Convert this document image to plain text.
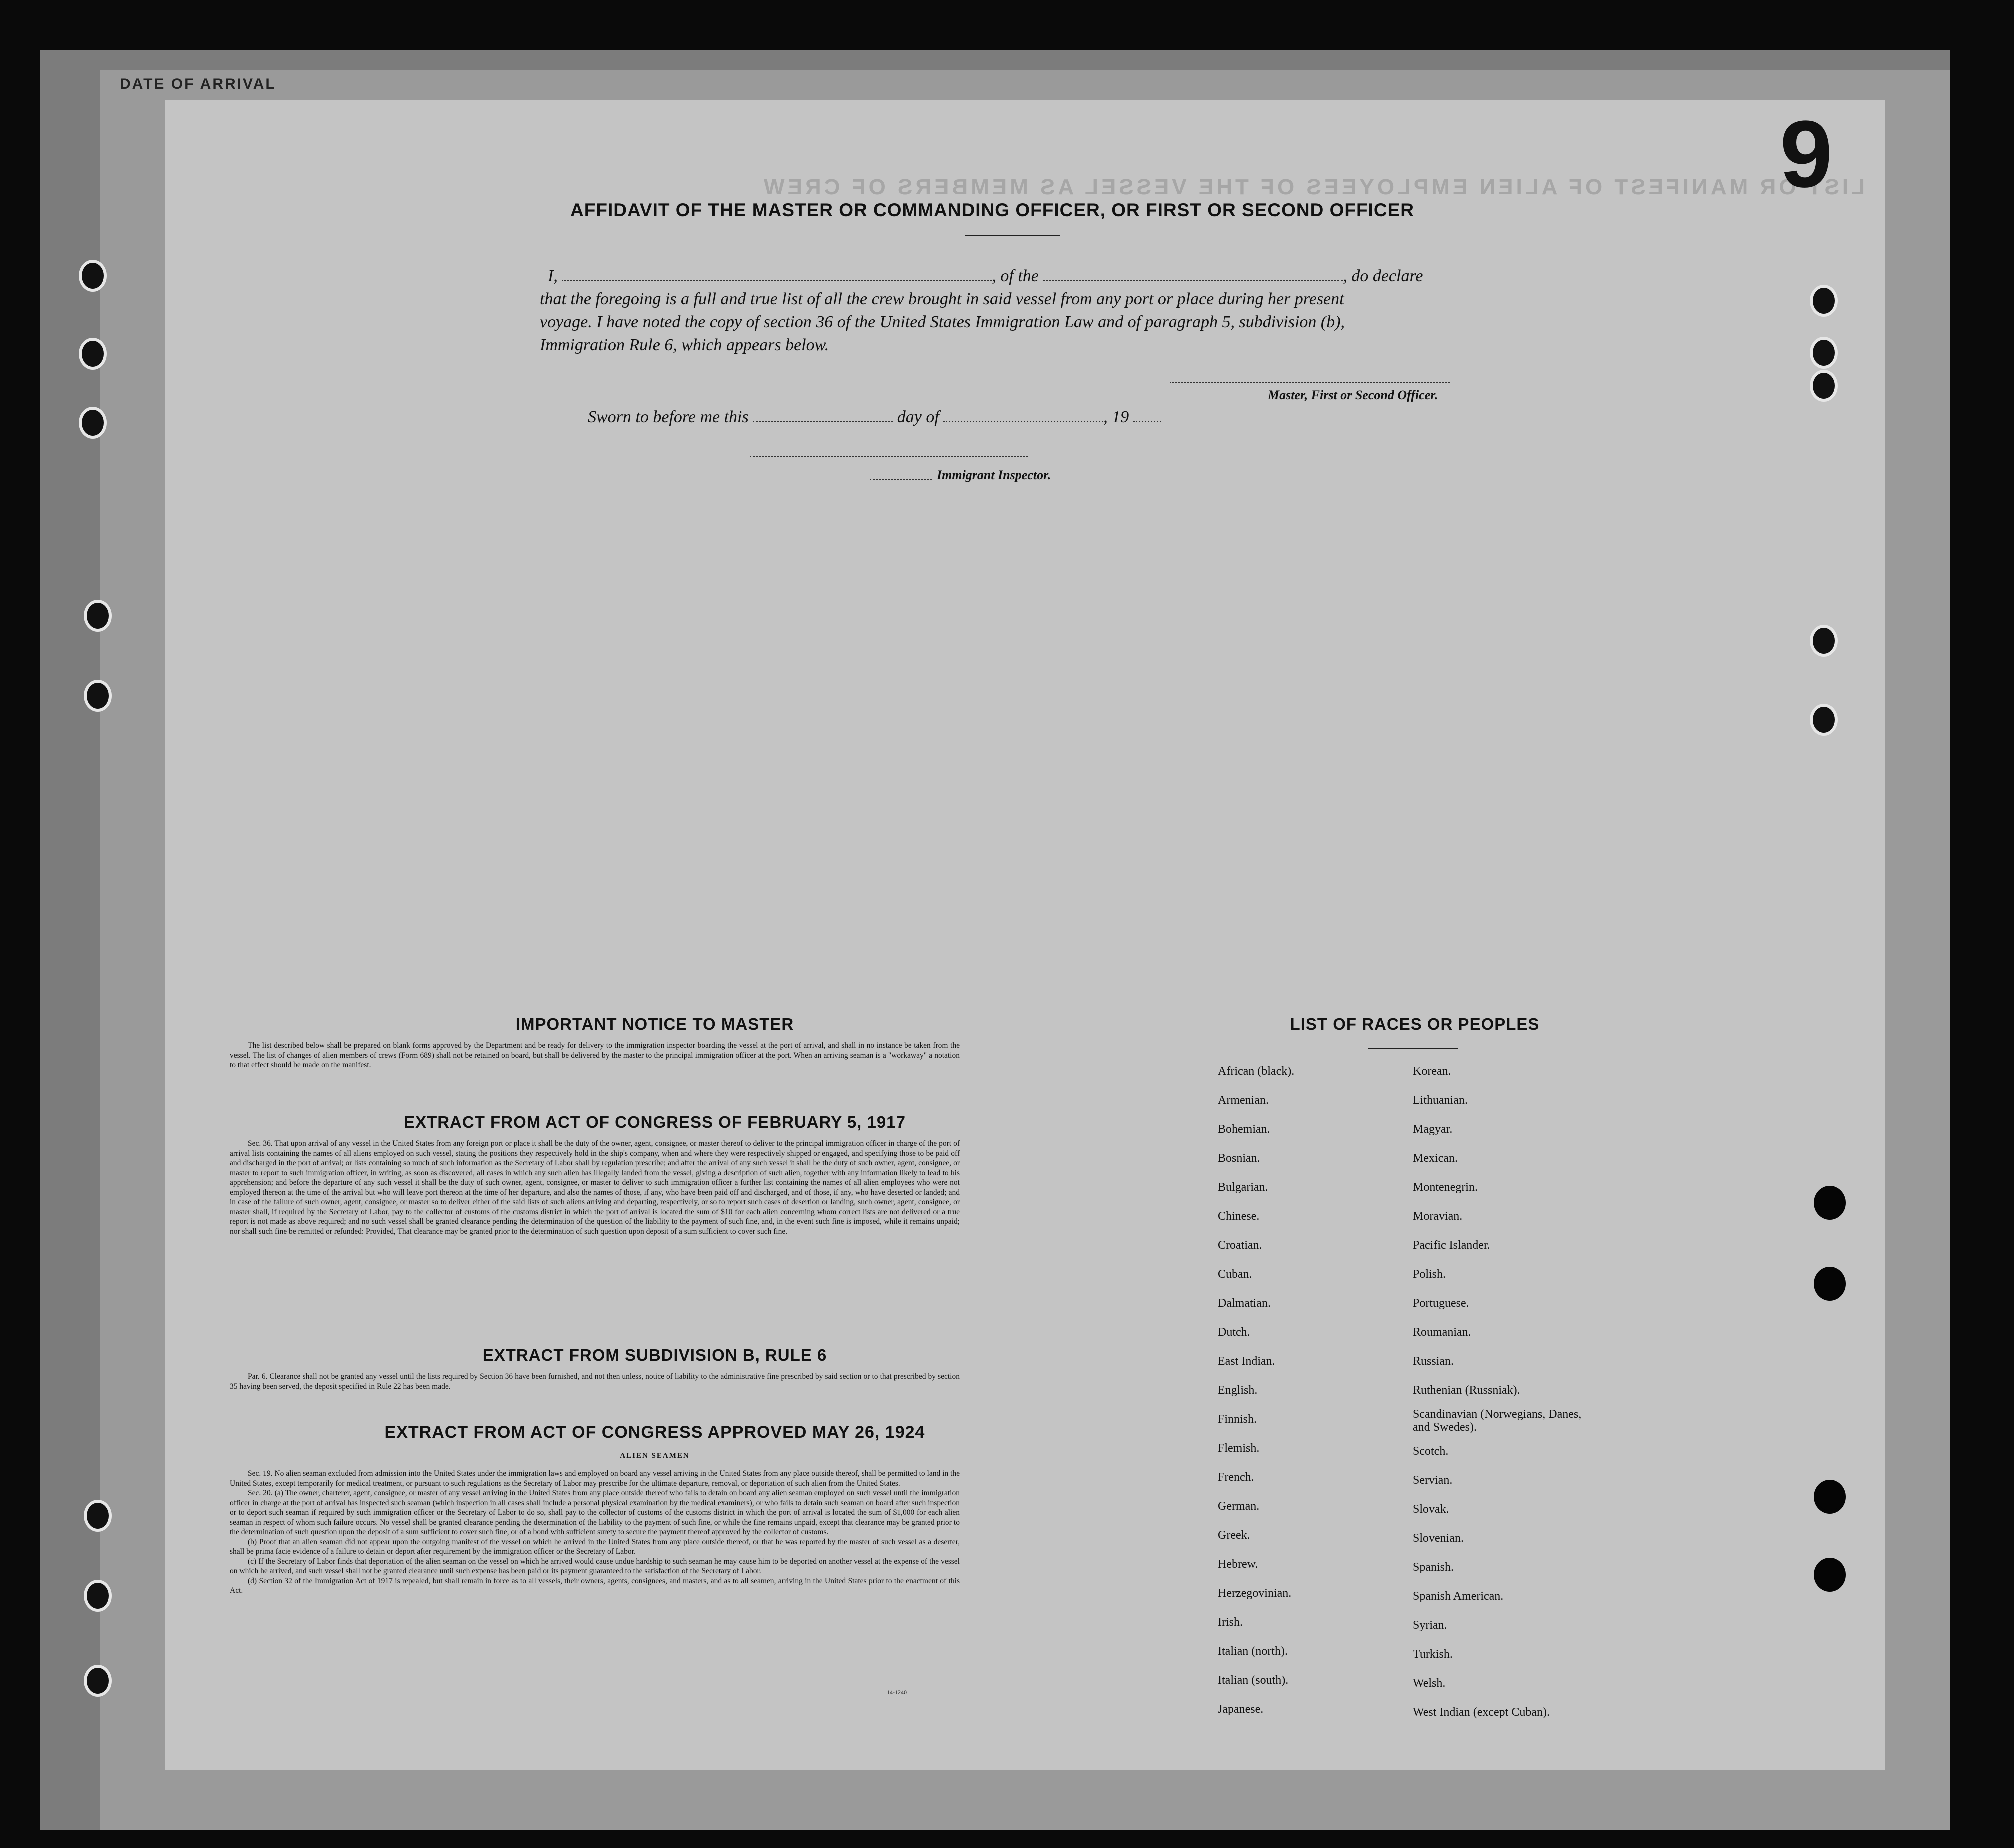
DATE OF ARRIVAL
LIST OR MANIFEST OF ALIEN EMPLOYEES OF THE VESSEL AS MEMBERS OF CREW
9
AFFIDAVIT OF THE MASTER OR COMMANDING OFFICER, OR FIRST OR SECOND OFFICER
I,	, of the	, do declare
that the foregoing is a full and true list of all the crew brought in said vessel from any port or place during her present
voyage. I have noted the copy of section 36 of the United States Immigration Law and of paragraph 5, subdivision (b),
Immigration Rule 6, which appears below.
Master, First or Second Officer.
Sworn to before me this	day of	, 19
Immigrant Inspector.
IMPORTANT NOTICE TO MASTER

The list described below shall be prepared on blank forms approved by the Department and be ready for delivery to the immigration inspector boarding the vessel at the port of arrival, and shall in no instance be taken from the vessel. The list of changes of alien members of crews (Form 689) shall not be retained on board, but shall be delivered by the master to the principal immigration officer at the port. When an arriving seaman is a "workaway" a notation to that effect should be made on the manifest.

EXTRACT FROM ACT OF CONGRESS OF FEBRUARY 5, 1917

Sec. 36. That upon arrival of any vessel in the United States from any foreign port or place it shall be the duty of the owner, agent, consignee, or master thereof to deliver to the principal immigration officer in charge of the port of arrival lists containing the names of all aliens employed on such vessel, stating the positions they respectively hold in the ship's company, when and where they were respectively shipped or engaged, and specifying those to be paid off and discharged in the port of arrival; or lists containing so much of such information as the Secretary of Labor shall by regulation prescribe; and after the arrival of any such vessel it shall be the duty of such owner, agent, consignee, or master to report to such immigration officer, in writing, as soon as discovered, all cases in which any such alien has illegally landed from the vessel, giving a description of such alien, together with any information likely to lead to his apprehension; and before the departure of any such vessel it shall be the duty of such owner, agent, consignee, or master to deliver to such immigration officer a further list containing the names of all alien employees who were not employed thereon at the time of the arrival but who will leave port thereon at the time of her departure, and also the names of those, if any, who have been paid off and discharged, and of those, if any, who have deserted or landed; and in case of the failure of such owner, agent, consignee, or master so to deliver either of the said lists of such aliens arriving and departing, respectively, or so to report such cases of desertion or landing, such owner, agent, consignee, or master shall, if required by the Secretary of Labor, pay to the collector of customs of the customs district in which the port of arrival is located the sum of $10 for each alien concerning whom correct lists are not delivered or a true report is not made as above required; and no such vessel shall be granted clearance pending the determination of the question of the liability to the payment of such fine, and, in the event such fine is imposed, while it remains unpaid; nor shall such fine be remitted or refunded: Provided, That clearance may be granted prior to the determination of such question upon deposit of a sum sufficient to cover such fine.

EXTRACT FROM SUBDIVISION B, RULE 6

Par. 6. Clearance shall not be granted any vessel until the lists required by Section 36 have been furnished, and not then unless, notice of liability to the administrative fine prescribed by said section or to that prescribed by section 35 having been served, the deposit specified in Rule 22 has been made.

EXTRACT FROM ACT OF CONGRESS APPROVED MAY 26, 1924
ALIEN SEAMEN

Sec. 19. No alien seaman excluded from admission into the United States under the immigration laws and employed on board any vessel arriving in the United States from any place outside thereof, shall be permitted to land in the United States, except temporarily for medical treatment, or pursuant to such regulations as the Secretary of Labor may prescribe for the ultimate departure, removal, or deportation of such alien from the United States.

Sec. 20. (a) The owner, charterer, agent, consignee, or master of any vessel arriving in the United States from any place outside thereof who fails to detain on board any alien seaman employed on such vessel until the immigration officer in charge at the port of arrival has inspected such seaman (which inspection in all cases shall include a personal physical examination by the medical examiners), or who fails to detain such seaman on board after such inspection or to deport such seaman if required by such immigration officer or the Secretary of Labor to do so, shall pay to the collector of customs of the customs district in which the port of arrival is located the sum of $1,000 for each alien seaman in respect of whom such failure occurs. No vessel shall be granted clearance pending the determination of the liability to the payment of such fine, or while the fine remains unpaid, except that clearance may be granted prior to the determination of such question upon the deposit of a sum sufficient to cover such fine, or of a bond with sufficient surety to secure the payment thereof approved by the collector of customs.

(b) Proof that an alien seaman did not appear upon the outgoing manifest of the vessel on which he arrived in the United States from any place outside thereof, or that he was reported by the master of such vessel as a deserter, shall be prima facie evidence of a failure to detain or deport after requirement by the immigration officer or the Secretary of Labor.

(c) If the Secretary of Labor finds that deportation of the alien seaman on the vessel on which he arrived would cause undue hardship to such seaman he may cause him to be deported on another vessel at the expense of the vessel on which he arrived, and such vessel shall not be granted clearance until such expense has been paid or its payment guaranteed to the satisfaction of the Secretary of Labor.

(d) Section 32 of the Immigration Act of 1917 is repealed, but shall remain in force as to all vessels, their owners, agents, consignees, and masters, and as to all seamen, arriving in the United States prior to the enactment of this Act.

14-1240
LIST OF RACES OR PEOPLES
African (black).
Armenian.
Bohemian.
Bosnian.
Bulgarian.
Chinese.
Croatian.
Cuban.
Dalmatian.
Dutch.
East Indian.
English.
Finnish.
Flemish.
French.
German.
Greek.
Hebrew.
Herzegovinian.
Irish.
Italian (north).
Italian (south).
Japanese.
Korean.
Lithuanian.
Magyar.
Mexican.
Montenegrin.
Moravian.
Pacific Islander.
Polish.
Portuguese.
Roumanian.
Russian.
Ruthenian (Russniak).
Scandinavian (Norwegians, Danes, and Swedes).
Scotch.
Servian.
Slovak.
Slovenian.
Spanish.
Spanish American.
Syrian.
Turkish.
Welsh.
West Indian (except Cuban).
